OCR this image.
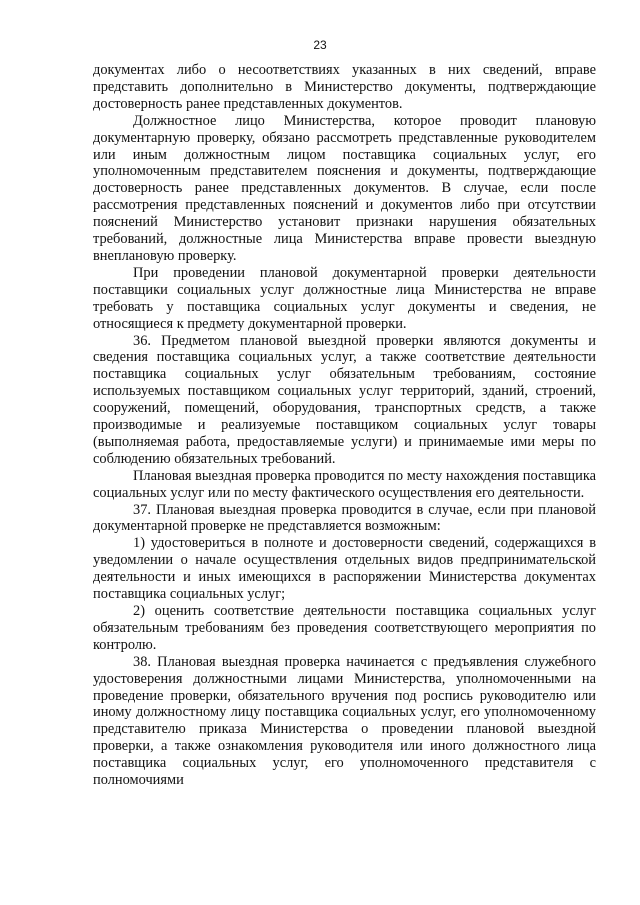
23

документах либо о несоответствиях указанных в них сведений, вправе представить дополнительно в Министерство документы, подтверждающие достоверность ранее представленных документов.

Должностное лицо Министерства, которое проводит плановую документарную проверку, обязано рассмотреть представленные руководителем или иным должностным лицом поставщика социальных услуг, его уполномоченным представителем пояснения и документы, подтверждающие достоверность ранее представленных документов. В случае, если после рассмотрения представленных пояснений и документов либо при отсутствии пояснений Министерство установит признаки нарушения обязательных требований, должностные лица Министерства вправе провести выездную внеплановую проверку.

При проведении плановой документарной проверки деятельности поставщики социальных услуг должностные лица Министерства не вправе требовать у поставщика социальных услуг документы и сведения, не относящиеся к предмету документарной проверки.

36. Предметом плановой выездной проверки являются документы и сведения поставщика социальных услуг, а также соответствие деятельности поставщика социальных услуг обязательным требованиям, состояние используемых поставщиком социальных услуг территорий, зданий, строений, сооружений, помещений, оборудования, транспортных средств, а также производимые и реализуемые поставщиком социальных услуг товары (выполняемая работа, предоставляемые услуги) и принимаемые ими меры по соблюдению обязательных требований.

Плановая выездная проверка проводится по месту нахождения поставщика социальных услуг или по месту фактического осуществления его деятельности.

37. Плановая выездная проверка проводится в случае, если при плановой документарной проверке не представляется возможным:

1) удостовериться в полноте и достоверности сведений, содержащихся в уведомлении о начале осуществления отдельных видов предпринимательской деятельности и иных имеющихся в распоряжении Министерства документах поставщика социальных услуг;

2) оценить соответствие деятельности поставщика социальных услуг обязательным требованиям без проведения соответствующего мероприятия по контролю.

38. Плановая выездная проверка начинается с предъявления служебного удостоверения должностными лицами Министерства, уполномоченными на проведение проверки, обязательного вручения под роспись руководителю или иному должностному лицу поставщика социальных услуг, его уполномоченному представителю приказа Министерства о проведении плановой выездной проверки, а также ознакомления руководителя или иного должностного лица поставщика социальных услуг, его уполномоченного представителя с полномочиями
